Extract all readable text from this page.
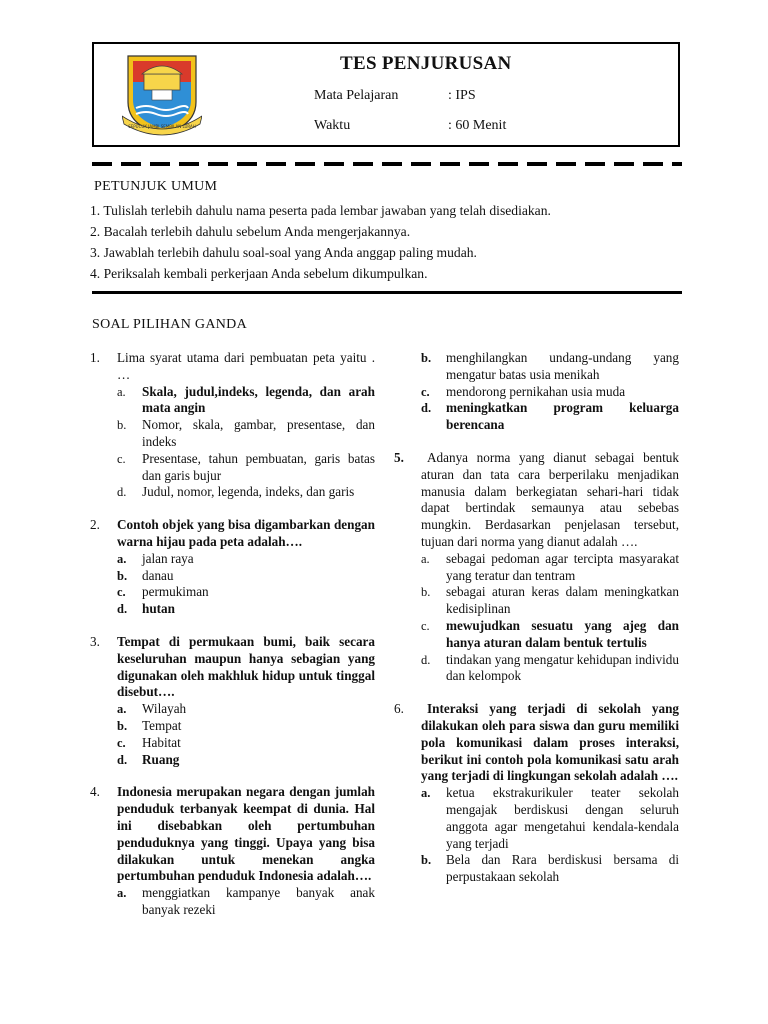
SEPUCUK JAMBI SEMBILAN LURAH
TES PENJURUSAN
Mata Pelajaran	: IPS
Waktu	: 60 Menit
PETUNJUK UMUM
1. Tulislah terlebih dahulu nama peserta pada lembar jawaban yang telah disediakan.
2. Bacalah terlebih dahulu sebelum Anda mengerjakannya.
3. Jawablah terlebih dahulu soal-soal yang Anda anggap paling mudah.
4. Periksalah kembali perkerjaan Anda sebelum dikumpulkan.
SOAL PILIHAN GANDA
1. Lima syarat utama dari pembuatan peta yaitu . …
a. Skala, judul,indeks, legenda, dan arah mata angin
b. Nomor, skala, gambar, presentase, dan indeks
c. Presentase, tahun pembuatan, garis batas dan garis bujur
d. Judul, nomor, legenda, indeks, dan garis
2. Contoh objek yang bisa digambarkan dengan warna hijau pada peta adalah….
a. jalan raya
b. danau
c. permukiman
d. hutan
3. Tempat di permukaan bumi, baik secara keseluruhan maupun hanya sebagian yang digunakan oleh makhluk hidup untuk tinggal disebut….
a. Wilayah
b. Tempat
c. Habitat
d. Ruang
4. Indonesia merupakan negara dengan jumlah penduduk terbanyak keempat di dunia. Hal ini disebabkan oleh pertumbuhan penduduknya yang tinggi. Upaya yang bisa dilakukan untuk menekan angka pertumbuhan penduduk Indonesia adalah….
a. menggiatkan kampanye banyak anak banyak rezeki
b. menghilangkan undang-undang yang mengatur batas usia menikah
c. mendorong pernikahan usia muda
d. meningkatkan program keluarga berencana
5.	Adanya norma yang dianut sebagai bentuk aturan dan tata cara berperilaku menjadikan manusia dalam berkegiatan sehari-hari tidak dapat bertindak semaunya atau sebebas mungkin. Berdasarkan penjelasan tersebut, tujuan dari norma yang dianut adalah ….
a. sebagai pedoman agar tercipta masyarakat yang teratur dan tentram
b. sebagai aturan keras dalam meningkatkan kedisiplinan
c. mewujudkan sesuatu yang ajeg dan hanya aturan dalam bentuk tertulis
d. tindakan yang mengatur kehidupan individu dan kelompok
6.	Interaksi yang terjadi di sekolah yang dilakukan oleh para siswa dan guru memiliki pola komunikasi dalam proses interaksi, berikut ini contoh pola komunikasi satu arah yang terjadi di lingkungan sekolah adalah ….
a. ketua ekstrakurikuler teater sekolah mengajak berdiskusi dengan seluruh anggota agar mengetahui kendala-kendala yang terjadi
b. Bela dan Rara berdiskusi bersama di perpustakaan sekolah
